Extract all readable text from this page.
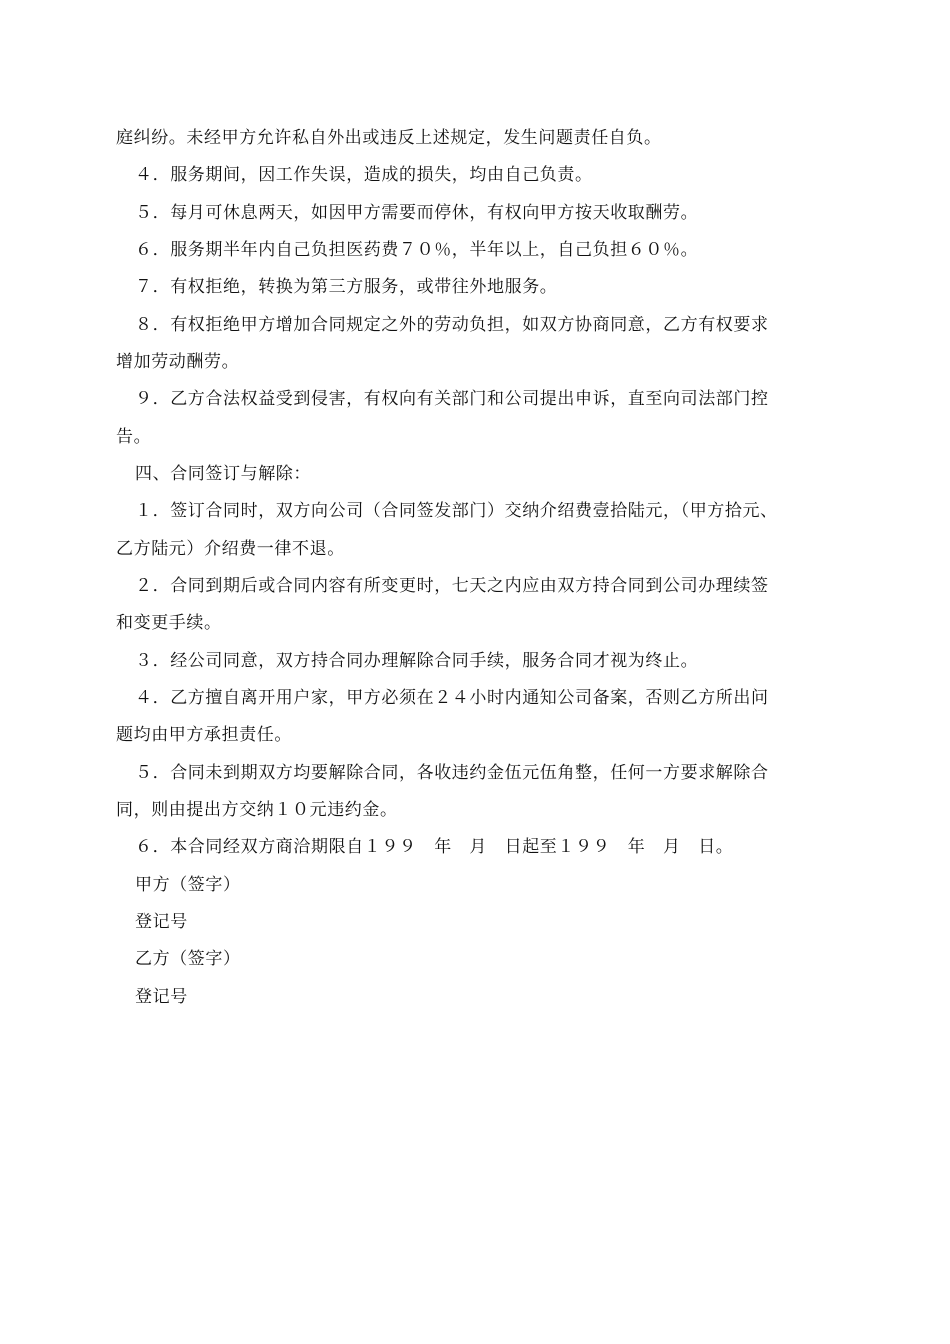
庭纠纷。未经甲方允许私自外出或违反上述规定，发生问题责任自负。
４．服务期间，因工作失误，造成的损失，均由自己负责。
５．每月可休息两天，如因甲方需要而停休，有权向甲方按天收取酬劳。
６．服务期半年内自己负担医药费７０％，半年以上，自己负担６０％。
７．有权拒绝，转换为第三方服务，或带往外地服务。
８．有权拒绝甲方增加合同规定之外的劳动负担，如双方协商同意，乙方有权要求
增加劳动酬劳。
９．乙方合法权益受到侵害，有权向有关部门和公司提出申诉，直至向司法部门控
告。
四、合同签订与解除：
１．签订合同时，双方向公司（合同签发部门）交纳介绍费壹拾陆元，（甲方拾元、
乙方陆元）介绍费一律不退。
２．合同到期后或合同内容有所变更时，七天之内应由双方持合同到公司办理续签
和变更手续。
３．经公司同意，双方持合同办理解除合同手续，服务合同才视为终止。
４．乙方擅自离开用户家，甲方必须在２４小时内通知公司备案，否则乙方所出问
题均由甲方承担责任。
５．合同未到期双方均要解除合同，各收违约金伍元伍角整，任何一方要求解除合
同，则由提出方交纳１０元违约金。
６．本合同经双方商洽期限自１９９　年　月　日起至１９９　年　月　日。
甲方（签字）
登记号
乙方（签字）
登记号
